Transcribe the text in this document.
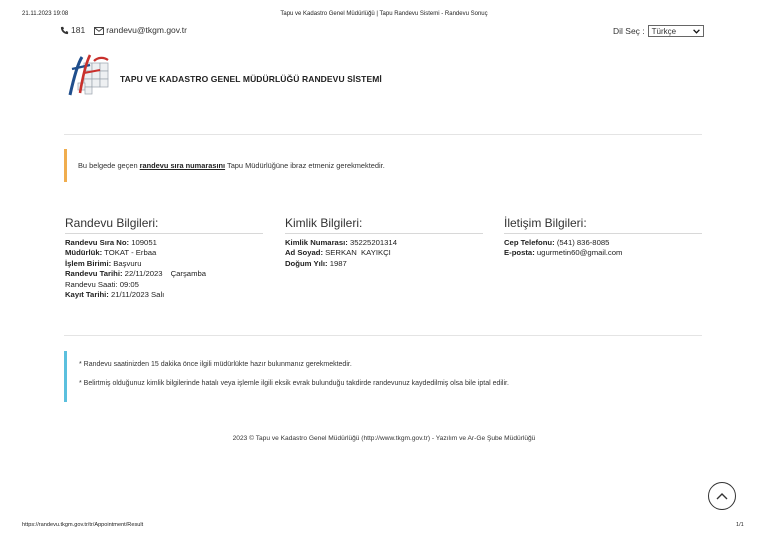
21.11.2023 19:08	Tapu ve Kadastro Genel Müdürlüğü | Tapu Randevu Sistemi - Randevu Sonuç
181 randevu@tkgm.gov.tr	Dil Seç : Türkçe
TAPU VE KADASTRO GENEL MÜDÜRLÜĞÜ RANDEVU SİSTEMİ
Bu belgede geçen randevu sıra numarasını Tapu Müdürlüğüne ibraz etmeniz gerekmektedir.
Randevu Bilgileri:
Randevu Sıra No: 109051
Müdürlük: TOKAT - Erbaa
İşlem Birimi: Başvuru
Randevu Tarihi: 22/11/2023 Çarşamba
Randevu Saati: 09:05
Kayıt Tarihi: 21/11/2023 Salı
Kimlik Bilgileri:
Kimlik Numarası: 35225201314
Ad Soyad: SERKAN  KAYIKÇI
Doğum Yılı: 1987
İletişim Bilgileri:
Cep Telefonu: (541) 836-8085
E-posta: ugurmetin60@gmail.com
* Randevu saatinizden 15 dakika önce ilgili müdürlükte hazır bulunmanız gerekmektedir.
* Belirtmiş olduğunuz kimlik bilgilerinde hatalı veya işlemle ilgili eksik evrak bulunduğu takdirde randevunuz kaydedilmiş olsa bile iptal edilir.
2023 © Tapu ve Kadastro Genel Müdürlüğü (http://www.tkgm.gov.tr) - Yazılım ve Ar-Ge Şube Müdürlüğü
https://randevu.tkgm.gov.tr/tr/Appointment/Result	1/1
